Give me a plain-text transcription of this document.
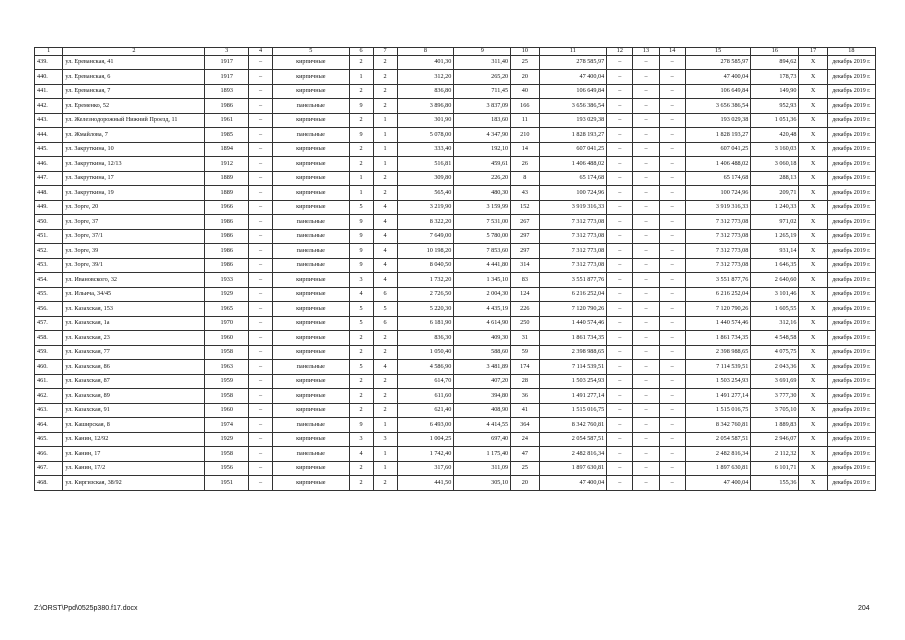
1	2	3	4	5	6	7	8	9	10	11	12	13	14	15	16	17	18
439.	ул. Ереванская, 41	1917	–	кирпичные	2	2	401,30	311,40	25	278 585,97	–	–	–	278 585,97	894,62	Х	декабрь 2019 г.
440.	ул. Ереванская, 6	1917	–	кирпичные	1	2	312,20	265,20	20	47 400,04	–	–	–	47 400,04	178,73	Х	декабрь 2019 г.
441.	ул. Ереванская, 7	1893	–	кирпичные	2	2	836,80	711,45	40	106 649,84	–	–	–	106 649,84	149,90	Х	декабрь 2019 г.
442.	ул. Еременко, 52	1986	–	панельные	9	2	3 896,80	3 837,09	166	3 656 386,54	–	–	–	3 656 386,54	952,93	Х	декабрь 2019 г.
443.	ул. Железнодорожный Нижний Проезд, 11	1961	–	кирпичные	2	1	301,90	183,60	11	193 029,38	–	–	–	193 029,38	1 051,36	Х	декабрь 2019 г.
444.	ул. Жмайлова, 7	1985	–	панельные	9	1	5 078,00	4 347,90	210	1 828 193,27	–	–	–	1 828 193,27	420,48	Х	декабрь 2019 г.
445.	ул. Закруткина, 10	1894	–	кирпичные	2	1	333,40	192,10	14	607 041,25	–	–	–	607 041,25	3 160,03	Х	декабрь 2019 г.
446.	ул. Закруткина, 12/13	1912	–	кирпичные	2	1	516,81	459,61	26	1 406 488,02	–	–	–	1 406 488,02	3 060,18	Х	декабрь 2019 г.
447.	ул. Закруткина, 17	1889	–	кирпичные	1	2	309,80	226,20	8	65 174,68	–	–	–	65 174,68	288,13	Х	декабрь 2019 г.
448.	ул. Закруткина, 19	1889	–	кирпичные	1	2	565,40	480,30	43	100 724,96	–	–	–	100 724,96	209,71	Х	декабрь 2019 г.
449.	ул. Зорге, 20	1966	–	кирпичные	5	4	3 219,90	3 159,99	152	3 919 316,33	–	–	–	3 919 316,33	1 240,33	Х	декабрь 2019 г.
450.	ул. Зорге, 37	1986	–	панельные	9	4	8 322,20	7 531,00	267	7 312 773,08	–	–	–	7 312 773,08	971,02	Х	декабрь 2019 г.
451.	ул. Зорге, 37/1	1986	–	панельные	9	4	7 649,00	5 780,00	297	7 312 773,08	–	–	–	7 312 773,08	1 265,19	Х	декабрь 2019 г.
452.	ул. Зорге, 39	1986	–	панельные	9	4	10 198,20	7 853,60	297	7 312 773,08	–	–	–	7 312 773,08	931,14	Х	декабрь 2019 г.
453.	ул. Зорге, 39/1	1986	–	панельные	9	4	8 040,50	4 441,80	314	7 312 773,08	–	–	–	7 312 773,08	1 646,35	Х	декабрь 2019 г.
454.	ул. Ивановского, 32	1933	–	кирпичные	3	4	1 732,20	1 345,10	83	3 551 877,76	–	–	–	3 551 877,76	2 640,60	Х	декабрь 2019 г.
455.	ул. Ильича, 34/45	1929	–	кирпичные	4	6	2 726,50	2 004,30	124	6 216 252,04	–	–	–	6 216 252,04	3 101,46	Х	декабрь 2019 г.
456.	ул. Казахская, 153	1965	–	кирпичные	5	5	5 220,30	4 435,19	226	7 120 790,26	–	–	–	7 120 790,26	1 605,55	Х	декабрь 2019 г.
457.	ул. Казахская, 1а	1970	–	кирпичные	5	6	6 181,90	4 614,90	250	1 440 574,46	–	–	–	1 440 574,46	312,16	Х	декабрь 2019 г.
458.	ул. Казахская, 23	1960	–	кирпичные	2	2	836,30	409,30	31	1 861 734,35	–	–	–	1 861 734,35	4 548,58	Х	декабрь 2019 г.
459.	ул. Казахская, 77	1958	–	кирпичные	2	2	1 050,40	588,60	59	2 398 988,65	–	–	–	2 398 988,65	4 075,75	Х	декабрь 2019 г.
460.	ул. Казахская, 86	1963	–	панельные	5	4	4 586,90	3 481,89	174	7 114 539,51	–	–	–	7 114 539,51	2 043,36	Х	декабрь 2019 г.
461.	ул. Казахская, 87	1959	–	кирпичные	2	2	614,70	407,20	28	1 503 254,93	–	–	–	1 503 254,93	3 691,69	Х	декабрь 2019 г.
462.	ул. Казахская, 89	1958	–	кирпичные	2	2	611,60	394,80	36	1 491 277,14	–	–	–	1 491 277,14	3 777,30	Х	декабрь 2019 г.
463.	ул. Казахская, 91	1960	–	кирпичные	2	2	621,40	408,90	41	1 515 016,75	–	–	–	1 515 016,75	3 705,10	Х	декабрь 2019 г.
464.	ул. Каширская, 8	1974	–	панельные	9	1	6 493,00	4 414,55	364	8 342 760,81	–	–	–	8 342 760,81	1 889,83	Х	декабрь 2019 г.
465.	ул. Канин, 12/92	1929	–	кирпичные	3	3	1 004,25	697,40	24	2 054 587,51	–	–	–	2 054 587,51	2 946,07	Х	декабрь 2019 г.
466.	ул. Канин, 17	1958	–	панельные	4	1	1 742,40	1 175,40	47	2 482 816,34	–	–	–	2 482 816,34	2 112,32	Х	декабрь 2019 г.
467.	ул. Канин, 17/2	1956	–	кирпичные	2	1	317,60	311,09	25	1 897 630,81	–	–	–	1 897 630,81	6 101,71	Х	декабрь 2019 г.
468.	ул. Киргизская, 38/92	1951	–	кирпичные	2	2	441,50	305,10	20	47 400,04	–	–	–	47 400,04	155,36	Х	декабрь 2019 г.
Z:\ORST\Ppd\0525p380.f17.docx	204
